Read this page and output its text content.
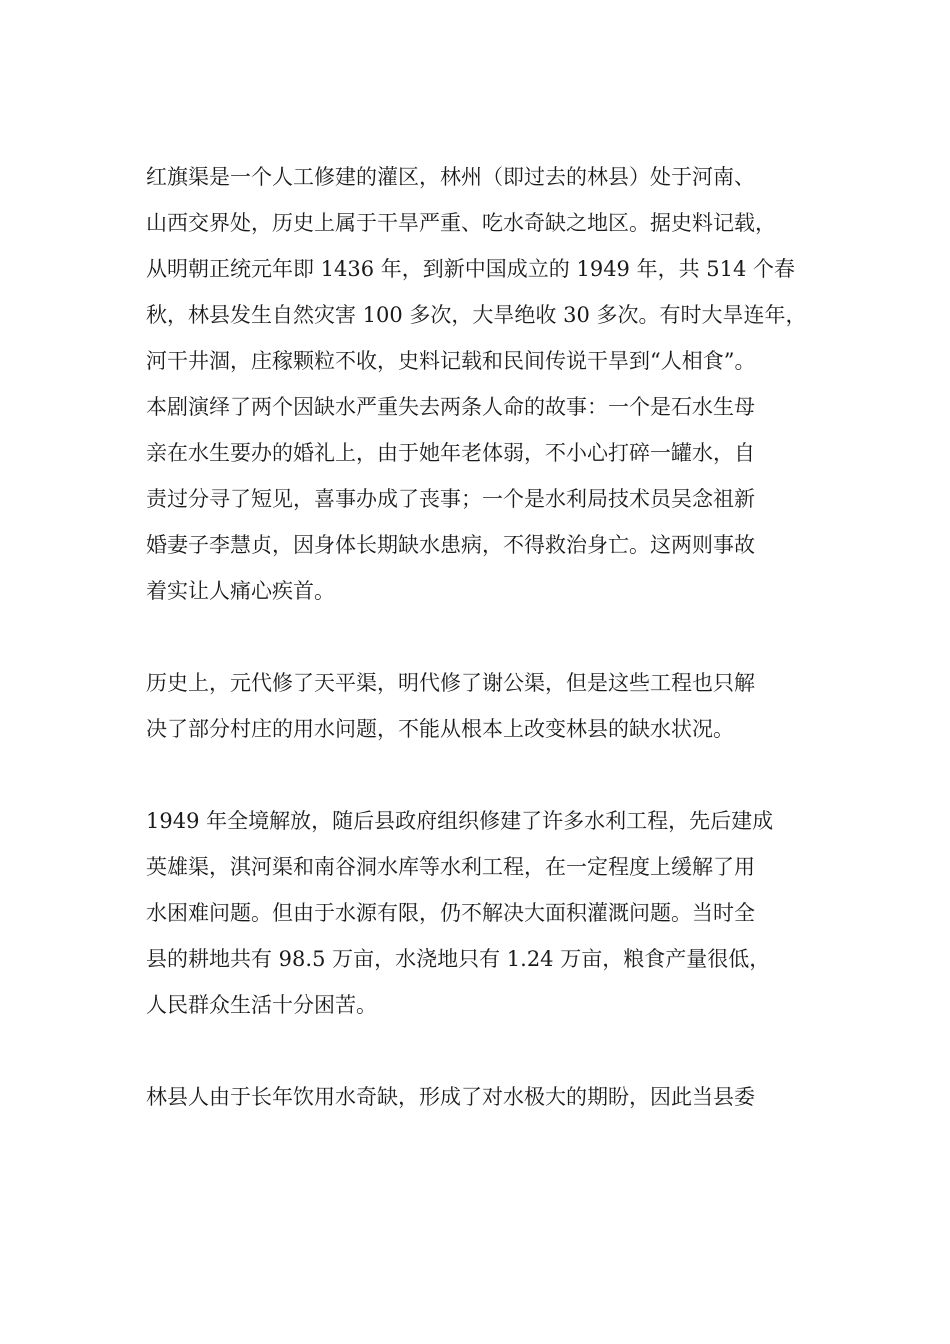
红旗渠是一个人工修建的灌区，林州（即过去的林县）处于河南、
山西交界处，历史上属于干旱严重、吃水奇缺之地区。据史料记载，
从明朝正统元年即 1436 年，到新中国成立的 1949 年，共 514 个春
秋，林县发生自然灾害 100 多次，大旱绝收 30 多次。有时大旱连年，
河干井涸，庄稼颗粒不收，史料记载和民间传说干旱到“人相食”。
本剧演绎了两个因缺水严重失去两条人命的故事：一个是石水生母
亲在水生要办的婚礼上，由于她年老体弱，不小心打碎一罐水，自
责过分寻了短见，喜事办成了丧事；一个是水利局技术员吴念祖新
婚妻子李慧贞，因身体长期缺水患病，不得救治身亡。这两则事故
着实让人痛心疾首。
历史上，元代修了天平渠，明代修了谢公渠，但是这些工程也只解
决了部分村庄的用水问题，不能从根本上改变林县的缺水状况。
1949 年全境解放，随后县政府组织修建了许多水利工程，先后建成
英雄渠，淇河渠和南谷洞水库等水利工程，在一定程度上缓解了用
水困难问题。但由于水源有限，仍不解决大面积灌溉问题。当时全
县的耕地共有 98.5 万亩，水浇地只有 1.24 万亩，粮食产量很低，
人民群众生活十分困苦。
林县人由于长年饮用水奇缺，形成了对水极大的期盼，因此当县委
